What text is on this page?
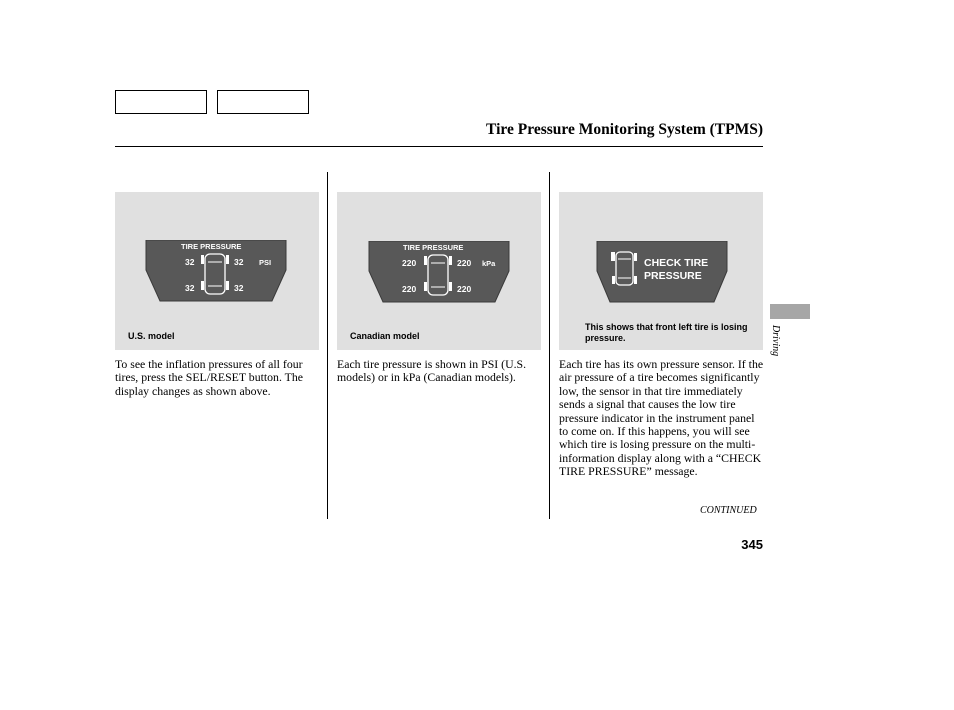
Tire Pressure Monitoring System (TPMS)
TIRE PRESSURE
32	32
32	32
PSI
U.S. model
TIRE PRESSURE
220	220
220	220
kPa
Canadian model
CHECK TIRE
PRESSURE
This shows that front left tire is losing pressure.
To see the inflation pressures of all four tires, press the SEL/RESET button. The display changes as shown above.
Each tire pressure is shown in PSI (U.S. models) or in kPa (Canadian models).
Each tire has its own pressure sensor. If the air pressure of a tire becomes significantly low, the sensor in that tire immediately sends a signal that causes the low tire pressure indicator in the instrument panel to come on. If this happens, you will see which tire is losing pressure on the multi-information display along with a “CHECK TIRE PRESSURE” message.
Driving
CONTINUED
345
